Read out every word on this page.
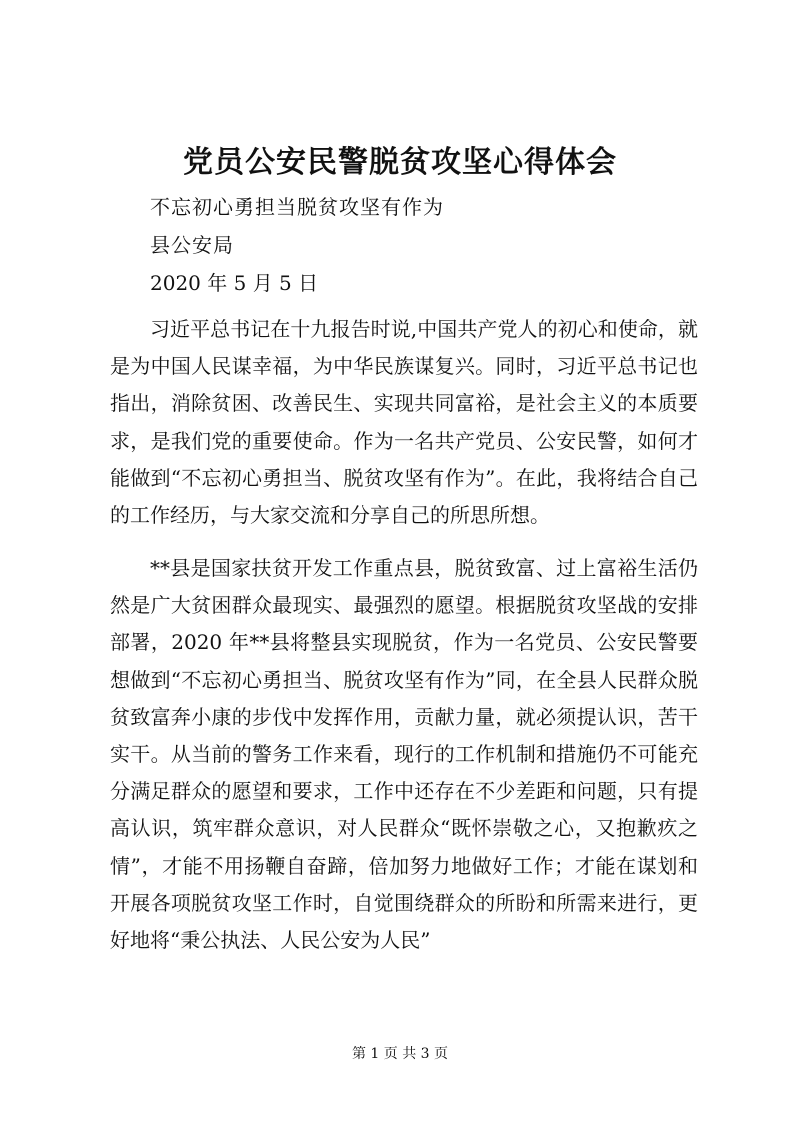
党员公安民警脱贫攻坚心得体会

不忘初心勇担当脱贫攻坚有作为

县公安局

2020 年 5 月 5 日

习近平总书记在十九报告时说,中国共产党人的初心和使命，就是为中国人民谋幸福，为中华民族谋复兴。同时，习近平总书记也指出，消除贫困、改善民生、实现共同富裕，是社会主义的本质要求，是我们党的重要使命。作为一名共产党员、公安民警，如何才能做到“不忘初心勇担当、脱贫攻坚有作为”。在此，我将结合自己的工作经历，与大家交流和分享自己的所思所想。

**县是国家扶贫开发工作重点县，脱贫致富、过上富裕生活仍然是广大贫困群众最现实、最强烈的愿望。根据脱贫攻坚战的安排部署，2020 年**县将整县实现脱贫，作为一名党员、公安民警要想做到“不忘初心勇担当、脱贫攻坚有作为”同，在全县人民群众脱贫致富奔小康的步伐中发挥作用，贡献力量，就必须提认识，苦干实干。从当前的警务工作来看，现行的工作机制和措施仍不可能充分满足群众的愿望和要求，工作中还存在不少差距和问题，只有提高认识，筑牢群众意识，对人民群众“既怀崇敬之心，又抱歉疚之情”，才能不用扬鞭自奋蹄，倍加努力地做好工作；才能在谋划和开展各项脱贫攻坚工作时，自觉围绕群众的所盼和所需来进行，更好地将“秉公执法、人民公安为人民”

第 1 页 共 3 页
